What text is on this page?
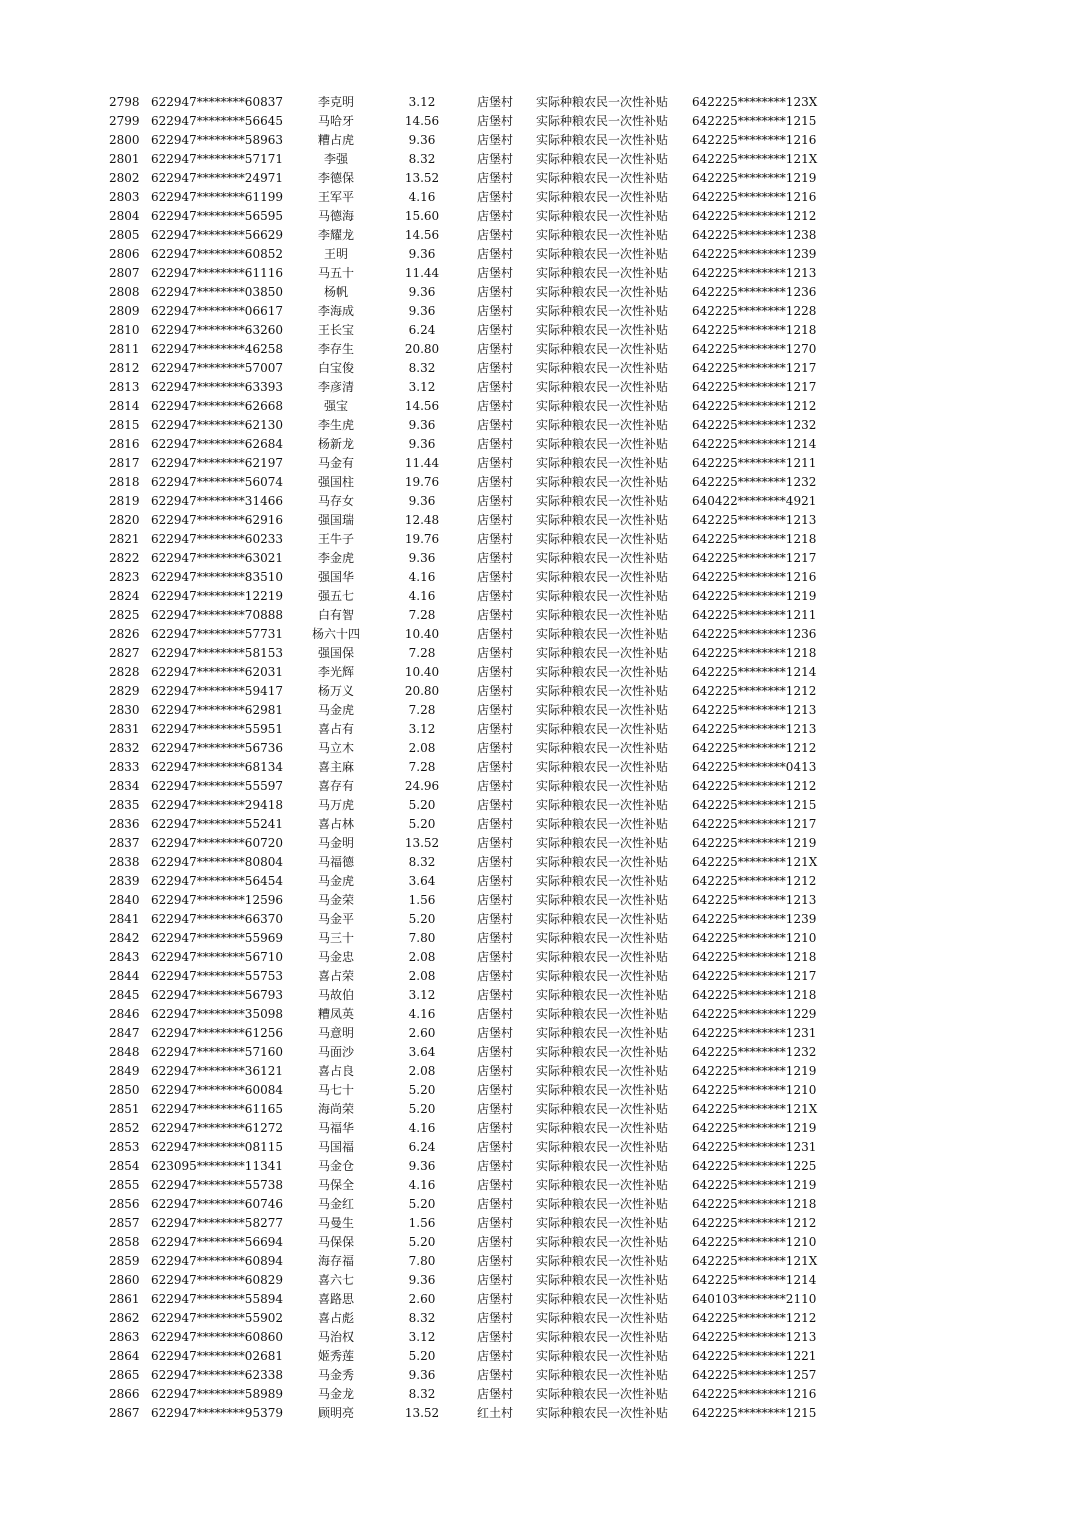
2798 622947********60837	李克明	3.12	店堡村 实际种粮农民一次性补贴 642225********123X
2799 622947********56645	马哈牙	14.56	店堡村 实际种粮农民一次性补贴 642225********1215
2800 622947********58963	糟占虎	9.36	店堡村 实际种粮农民一次性补贴 642225********1216
2801 622947********57171	李强	8.32	店堡村 实际种粮农民一次性补贴 642225********121X
2802 622947********24971	李德保	13.52	店堡村 实际种粮农民一次性补贴 642225********1219
2803 622947********61199	王军平	4.16	店堡村 实际种粮农民一次性补贴 642225********1216
2804 622947********56595	马德海	15.60	店堡村 实际种粮农民一次性补贴 642225********1212
2805 622947********56629	李耀龙	14.56	店堡村 实际种粮农民一次性补贴 642225********1238
2806 622947********60852	王明	9.36	店堡村 实际种粮农民一次性补贴 642225********1239
2807 622947********61116	马五十	11.44	店堡村 实际种粮农民一次性补贴 642225********1213
2808 622947********03850	杨帆	9.36	店堡村 实际种粮农民一次性补贴 642225********1236
2809 622947********06617	李海成	9.36	店堡村 实际种粮农民一次性补贴 642225********1228
2810 622947********63260	王长宝	6.24	店堡村 实际种粮农民一次性补贴 642225********1218
2811 622947********46258	李存生	20.80	店堡村 实际种粮农民一次性补贴 642225********1270
2812 622947********57007	白宝俊	8.32	店堡村 实际种粮农民一次性补贴 642225********1217
2813 622947********63393	李彦清	3.12	店堡村 实际种粮农民一次性补贴 642225********1217
2814 622947********62668	强宝	14.56	店堡村 实际种粮农民一次性补贴 642225********1212
2815 622947********62130	李生虎	9.36	店堡村 实际种粮农民一次性补贴 642225********1232
2816 622947********62684	杨新龙	9.36	店堡村 实际种粮农民一次性补贴 642225********1214
2817 622947********62197	马金有	11.44	店堡村 实际种粮农民一次性补贴 642225********1211
2818 622947********56074	强国柱	19.76	店堡村 实际种粮农民一次性补贴 642225********1232
2819 622947********31466	马存女	9.36	店堡村 实际种粮农民一次性补贴 640422********4921
2820 622947********62916	强国瑞	12.48	店堡村 实际种粮农民一次性补贴 642225********1213
2821 622947********60233	王牛子	19.76	店堡村 实际种粮农民一次性补贴 642225********1218
2822 622947********63021	李金虎	9.36	店堡村 实际种粮农民一次性补贴 642225********1217
2823 622947********83510	强国华	4.16	店堡村 实际种粮农民一次性补贴 642225********1216
2824 622947********12219	强五七	4.16	店堡村 实际种粮农民一次性补贴 642225********1219
2825 622947********70888	白有智	7.28	店堡村 实际种粮农民一次性补贴 642225********1211
2826 622947********57731	杨六十四	10.40	店堡村 实际种粮农民一次性补贴 642225********1236
2827 622947********58153	强国保	7.28	店堡村 实际种粮农民一次性补贴 642225********1218
2828 622947********62031	李光辉	10.40	店堡村 实际种粮农民一次性补贴 642225********1214
2829 622947********59417	杨万义	20.80	店堡村 实际种粮农民一次性补贴 642225********1212
2830 622947********62981	马金虎	7.28	店堡村 实际种粮农民一次性补贴 642225********1213
2831 622947********55951	喜占有	3.12	店堡村 实际种粮农民一次性补贴 642225********1213
2832 622947********56736	马立木	2.08	店堡村 实际种粮农民一次性补贴 642225********1212
2833 622947********68134	喜主麻	7.28	店堡村 实际种粮农民一次性补贴 642225********0413
2834 622947********55597	喜存有	24.96	店堡村 实际种粮农民一次性补贴 642225********1212
2835 622947********29418	马万虎	5.20	店堡村 实际种粮农民一次性补贴 642225********1215
2836 622947********55241	喜占林	5.20	店堡村 实际种粮农民一次性补贴 642225********1217
2837 622947********60720	马金明	13.52	店堡村 实际种粮农民一次性补贴 642225********1219
2838 622947********80804	马福德	8.32	店堡村 实际种粮农民一次性补贴 642225********121X
2839 622947********56454	马金虎	3.64	店堡村 实际种粮农民一次性补贴 642225********1212
2840 622947********12596	马金荣	1.56	店堡村 实际种粮农民一次性补贴 642225********1213
2841 622947********66370	马金平	5.20	店堡村 实际种粮农民一次性补贴 642225********1239
2842 622947********55969	马三十	7.80	店堡村 实际种粮农民一次性补贴 642225********1210
2843 622947********56710	马金忠	2.08	店堡村 实际种粮农民一次性补贴 642225********1218
2844 622947********55753	喜占荣	2.08	店堡村 实际种粮农民一次性补贴 642225********1217
2845 622947********56793	马故伯	3.12	店堡村 实际种粮农民一次性补贴 642225********1218
2846 622947********35098	糟凤英	4.16	店堡村 实际种粮农民一次性补贴 642225********1229
2847 622947********61256	马意明	2.60	店堡村 实际种粮农民一次性补贴 642225********1231
2848 622947********57160	马面沙	3.64	店堡村 实际种粮农民一次性补贴 642225********1232
2849 622947********36121	喜占良	2.08	店堡村 实际种粮农民一次性补贴 642225********1219
2850 622947********60084	马七十	5.20	店堡村 实际种粮农民一次性补贴 642225********1210
2851 622947********61165	海尚荣	5.20	店堡村 实际种粮农民一次性补贴 642225********121X
2852 622947********61272	马福华	4.16	店堡村 实际种粮农民一次性补贴 642225********1219
2853 622947********08115	马国福	6.24	店堡村 实际种粮农民一次性补贴 642225********1231
2854 623095********11341	马金仓	9.36	店堡村 实际种粮农民一次性补贴 642225********1225
2855 622947********55738	马保全	4.16	店堡村 实际种粮农民一次性补贴 642225********1219
2856 622947********60746	马金红	5.20	店堡村 实际种粮农民一次性补贴 642225********1218
2857 622947********58277	马曼生	1.56	店堡村 实际种粮农民一次性补贴 642225********1212
2858 622947********56694	马保保	5.20	店堡村 实际种粮农民一次性补贴 642225********1210
2859 622947********60894	海存福	7.80	店堡村 实际种粮农民一次性补贴 642225********121X
2860 622947********60829	喜六七	9.36	店堡村 实际种粮农民一次性补贴 642225********1214
2861 622947********55894	喜路思	2.60	店堡村 实际种粮农民一次性补贴 640103********2110
2862 622947********55902	喜占彪	8.32	店堡村 实际种粮农民一次性补贴 642225********1212
2863 622947********60860	马治权	3.12	店堡村 实际种粮农民一次性补贴 642225********1213
2864 622947********02681	姬秀莲	5.20	店堡村 实际种粮农民一次性补贴 642225********1221
2865 622947********62338	马金秀	9.36	店堡村 实际种粮农民一次性补贴 642225********1257
2866 622947********58989	马金龙	8.32	店堡村 实际种粮农民一次性补贴 642225********1216
2867 622947********95379	顾明亮	13.52	红土村 实际种粮农民一次性补贴 642225********1215
